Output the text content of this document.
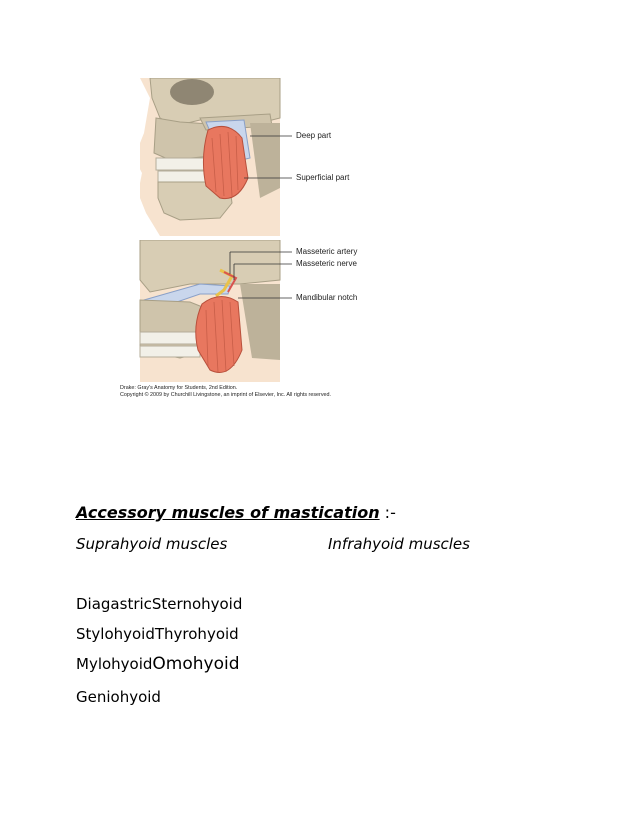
Deep part
Superficial part
Masseteric artery
Masseteric nerve
Mandibular notch
Drake: Gray's Anatomy for Students, 2nd Edition.
Copyright © 2009 by Churchill Livingstone, an imprint of Elsevier, Inc. All rights reserved.
Accessory muscles of mastication :-
Suprahyoid muscles	Infrahyoid muscles
DiagastricSternohyoid
StylohyoidThyrohyoid
MylohyoidOmohyoid
Geniohyoid
